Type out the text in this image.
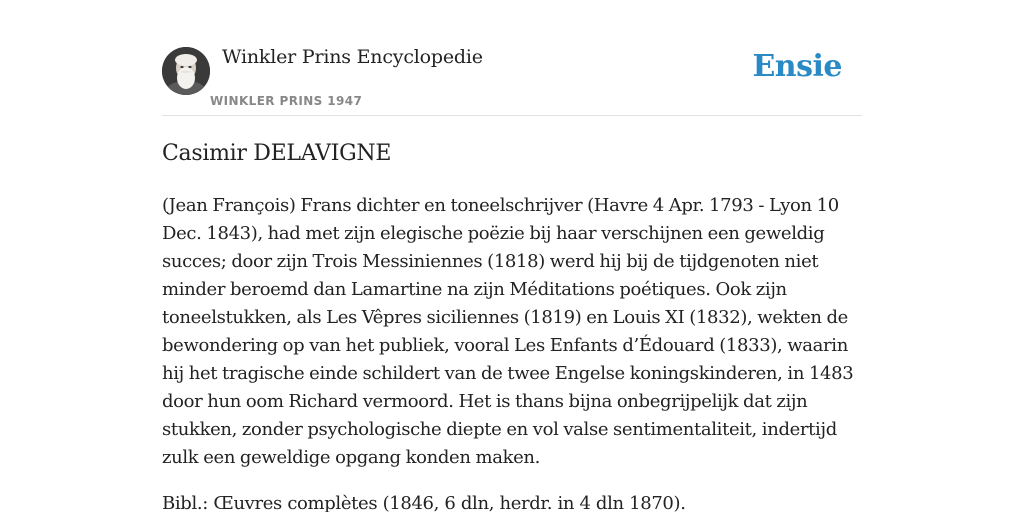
Winkler Prins Encyclopedie
WINKLER PRINS 1947
Ensie
Casimir DELAVIGNE

(Jean François) Frans dichter en toneelschrijver (Havre 4 Apr. 1793 - Lyon 10 Dec. 1843), had met zijn elegische poëzie bij haar verschijnen een geweldig succes; door zijn Trois Messiniennes (1818) werd hij bij de tijdgenoten niet minder beroemd dan Lamartine na zijn Méditations poétiques. Ook zijn toneelstukken, als Les Vêpres siciliennes (1819) en Louis XI (1832), wekten de bewondering op van het publiek, vooral Les Enfants d’Édouard (1833), waarin hij het tragische einde schildert van de twee Engelse koningskinderen, in 1483 door hun oom Richard vermoord. Het is thans bijna onbegrijpelijk dat zijn stukken, zonder psychologische diepte en vol valse sentimentaliteit, indertijd zulk een geweldige opgang konden maken.

Bibl.: Œuvres complètes (1846, 6 dln, herdr. in 4 dln 1870).
